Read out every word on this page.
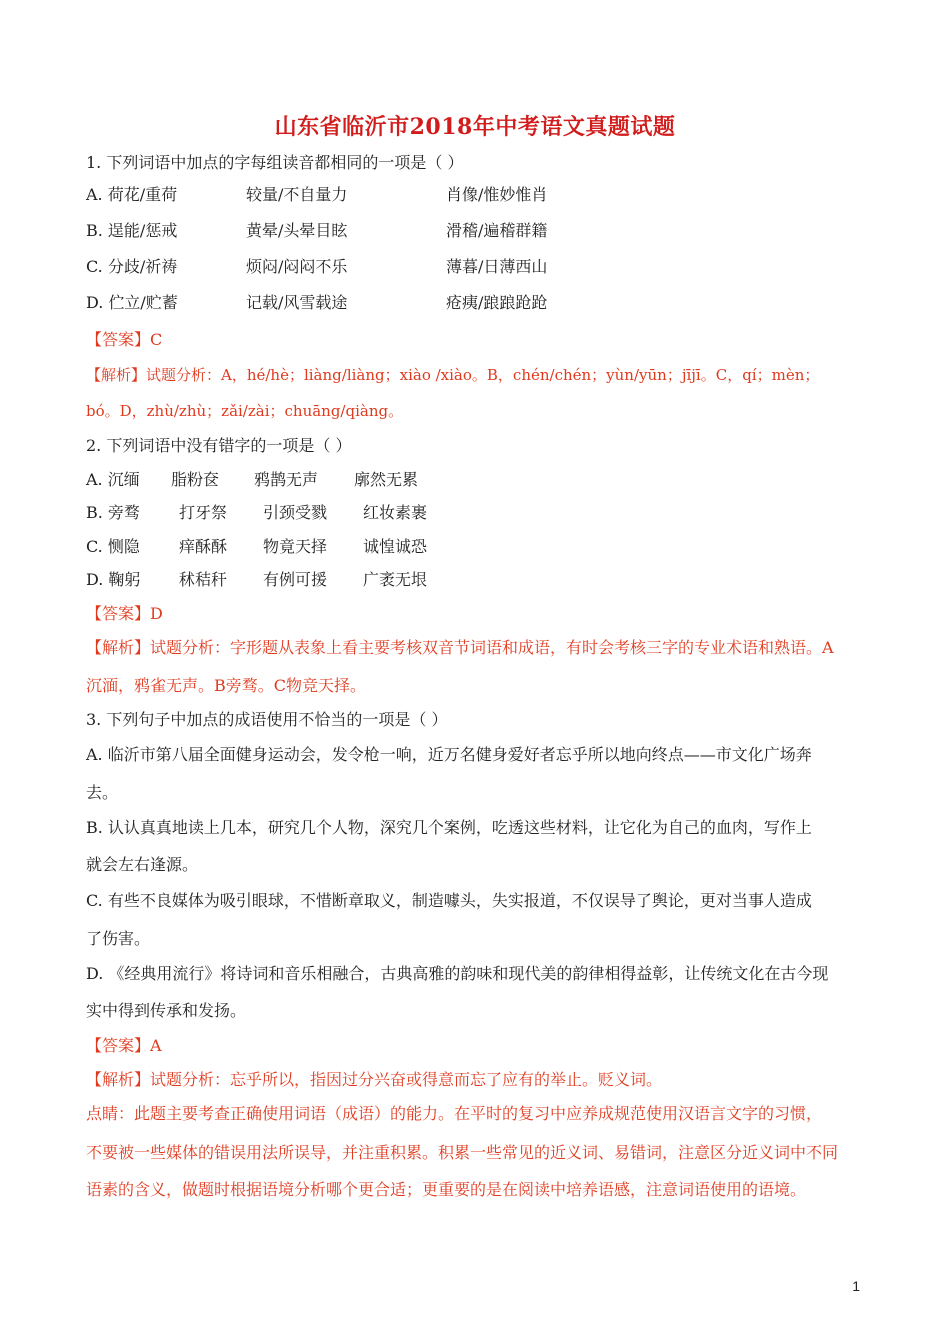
山东省临沂市2018年中考语文真题试题
1. 下列词语中加点的字每组读音都相同的一项是（ ）
A. 荷花/重荷	较量/不自量力	肖像/惟妙惟肖
B. 逞能/惩戒	黄晕/头晕目眩	滑稽/遍稽群籍
C. 分歧/祈祷	烦闷/闷闷不乐	薄暮/日薄西山
D. 伫立/贮蓄	记载/风雪载途	疮痍/踉踉跄跄
【答案】C
【解析】试题分析：A，hé/hè；liàng/liàng；xiào /xiào。B，chén/chén；yùn/yūn；jījī。C，qí；mèn；
bó。D，zhù/zhù；zǎi/zài；chuāng/qiàng。
2. 下列词语中没有错字的一项是（ ）
A. 沉缅 脂粉奁 鸦鹊无声 廓然无累
B. 旁骛 打牙祭 引颈受戮 红妆素裹
C. 恻隐 痒酥酥 物竟天择 诚惶诚恐
D. 鞠躬 秫秸秆 有例可援 广袤无垠
【答案】D
【解析】试题分析：字形题从表象上看主要考核双音节词语和成语，有时会考核三字的专业术语和熟语。A
沉湎，鸦雀无声。B旁骛。C物竞天择。
3. 下列句子中加点的成语使用不恰当的一项是（ ）
A. 临沂市第八届全面健身运动会，发令枪一响，近万名健身爱好者忘乎所以地向终点——市文化广场奔
去。
B. 认认真真地读上几本，研究几个人物，深究几个案例，吃透这些材料，让它化为自己的血肉，写作上
就会左右逢源。
C. 有些不良媒体为吸引眼球，不惜断章取义，制造噱头，失实报道，不仅误导了舆论，更对当事人造成
了伤害。
D. 《经典用流行》将诗词和音乐相融合，古典高雅的韵味和现代美的韵律相得益彰，让传统文化在古今现
实中得到传承和发扬。
【答案】A
【解析】试题分析：忘乎所以，指因过分兴奋或得意而忘了应有的举止。贬义词。
点睛：此题主要考查正确使用词语（成语）的能力。在平时的复习中应养成规范使用汉语言文字的习惯，
不要被一些媒体的错误用法所误导，并注重积累。积累一些常见的近义词、易错词，注意区分近义词中不同
语素的含义，做题时根据语境分析哪个更合适；更重要的是在阅读中培养语感，注意词语使用的语境。
1
